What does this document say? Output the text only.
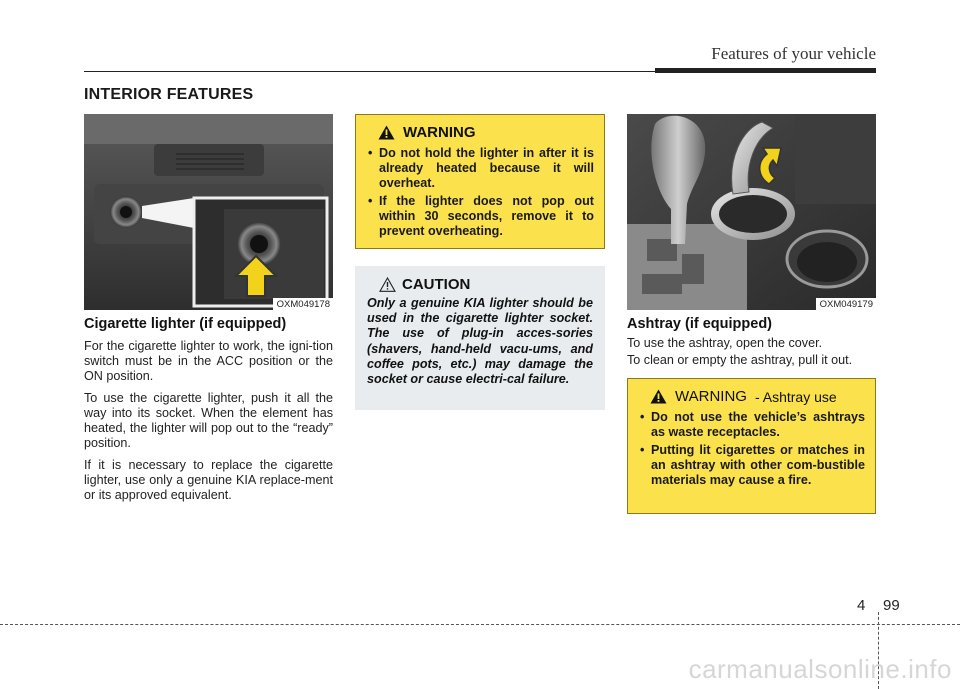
Features of your vehicle
INTERIOR FEATURES
OXM049178
Cigarette lighter (if equipped)

For the cigarette lighter to work, the igni-tion switch must be in the ACC position or the ON position.

To use the cigarette lighter, push it all the way into its socket. When the element has heated, the lighter will pop out to the “ready” position.

If it is necessary to replace the cigarette lighter, use only a genuine KIA replace-ment or its approved equivalent.

WARNING
• Do not hold the lighter in after it is already heated because it will overheat.
• If the lighter does not pop out within 30 seconds, remove it to prevent overheating.
CAUTION
Only a genuine KIA lighter should be used in the cigarette lighter socket. The use of plug-in acces-sories (shavers, hand-held vacu-ums, and coffee pots, etc.) may damage the socket or cause electri-cal failure.
OXM049179
Ashtray (if equipped)

To use the ashtray, open the cover.

To clean or empty the ashtray, pull it out.

WARNING - Ashtray use
• Do not use the vehicle’s ashtrays as waste receptacles.
• Putting lit cigarettes or matches in an ashtray with other com-bustible materials may cause a fire.
4 99
carmanualsonline.info
